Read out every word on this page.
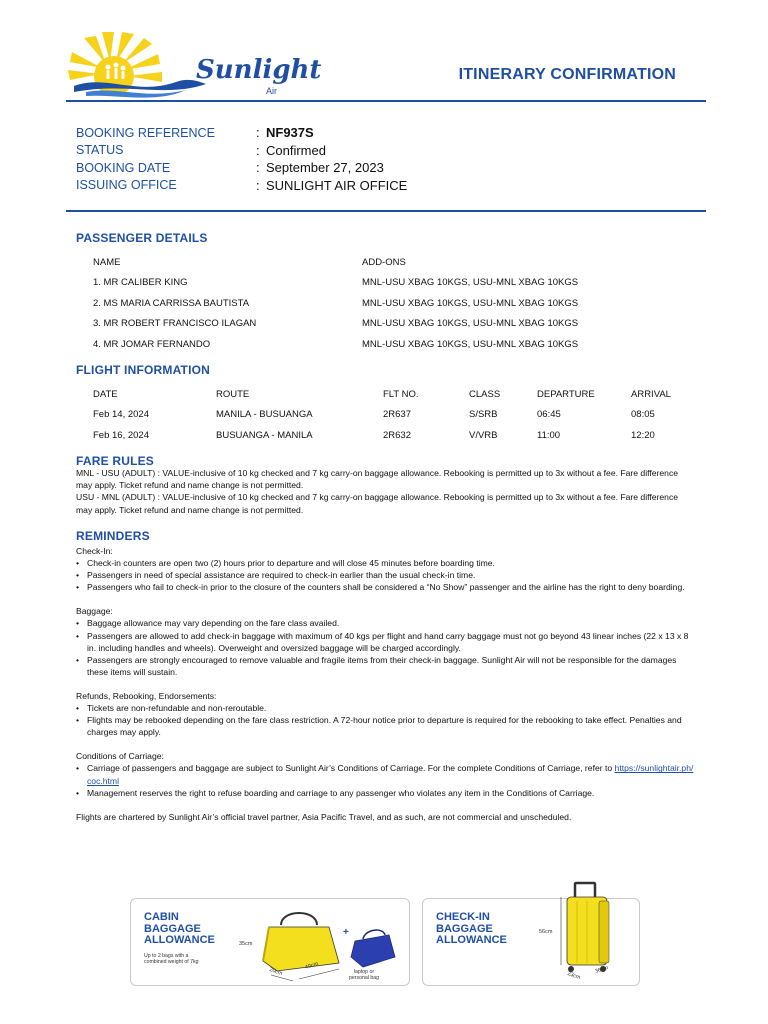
Sunlight
Air
ITINERARY CONFIRMATION
BOOKING REFERENCE	: NF937S
STATUS	: Confirmed
BOOKING DATE	: September 27, 2023
ISSUING OFFICE	: SUNLIGHT AIR OFFICE
PASSENGER DETAILS
NAME	ADD-ONS
1. MR CALIBER KING	MNL-USU XBAG 10KGS, USU-MNL XBAG 10KGS
2. MS MARIA CARRISSA BAUTISTA	MNL-USU XBAG 10KGS, USU-MNL XBAG 10KGS
3. MR ROBERT FRANCISCO ILAGAN	MNL-USU XBAG 10KGS, USU-MNL XBAG 10KGS
4. MR JOMAR FERNANDO	MNL-USU XBAG 10KGS, USU-MNL XBAG 10KGS
FLIGHT INFORMATION
DATE	ROUTE	FLT NO.	CLASS	DEPARTURE	ARRIVAL
Feb 14, 2024	MANILA - BUSUANGA	2R637	S/SRB	06:45	08:05
Feb 16, 2024	BUSUANGA - MANILA	2R632	V/VRB	11:00	12:20
FARE RULES

MNL - USU (ADULT) : VALUE-inclusive of 10 kg checked and 7 kg carry-on baggage allowance. Rebooking is permitted up to 3x without a fee. Fare difference may apply. Ticket refund and name change is not permitted.

USU - MNL (ADULT) : VALUE-inclusive of 10 kg checked and 7 kg carry-on baggage allowance. Rebooking is permitted up to 3x without a fee. Fare difference may apply. Ticket refund and name change is not permitted.

REMINDERS

Check-In:

• Check-in counters are open two (2) hours prior to departure and will close 45 minutes before boarding time.
• Passengers in need of special assistance are required to check-in earlier than the usual check-in time.
• Passengers who fail to check-in prior to the closure of the counters shall be considered a “No Show” passenger and the airline has the right to deny boarding.

Baggage:

• Baggage allowance may vary depending on the fare class availed.
• Passengers are allowed to add check-in baggage with maximum of 40 kgs per flight and hand carry baggage must not go beyond 43 linear inches (22 x 13 x 8 in. including handles and wheels). Overweight and oversized baggage will be charged accordingly.
• Passengers are strongly encouraged to remove valuable and fragile items from their check-in baggage. Sunlight Air will not be responsible for the damages these items will sustain.

Refunds, Rebooking, Endorsements:

• Tickets are non-refundable and non-reroutable.
• Flights may be rebooked depending on the fare class restriction. A 72-hour notice prior to departure is required for the rebooking to take effect. Penalties and charges may apply.

Conditions of Carriage:

• Carriage of passengers and baggage are subject to Sunlight Air’s Conditions of Carriage. For the complete Conditions of Carriage, refer to https://sunlightair.ph/ coc.html
• Management reserves the right to refuse boarding and carriage to any passenger who violates any item in the Conditions of Carriage.

Flights are chartered by Sunlight Air’s official travel partner, Asia Pacific Travel, and as such, are not commercial and unscheduled.

CABIN
BAGGAGE
ALLOWANCE
Up to 2 bags with a
combined weight of 7kg
+
35cm
20cm
40cm
laptop or
personal bag
CHECK-IN
BAGGAGE
ALLOWANCE
56cm
23cm
36cm
